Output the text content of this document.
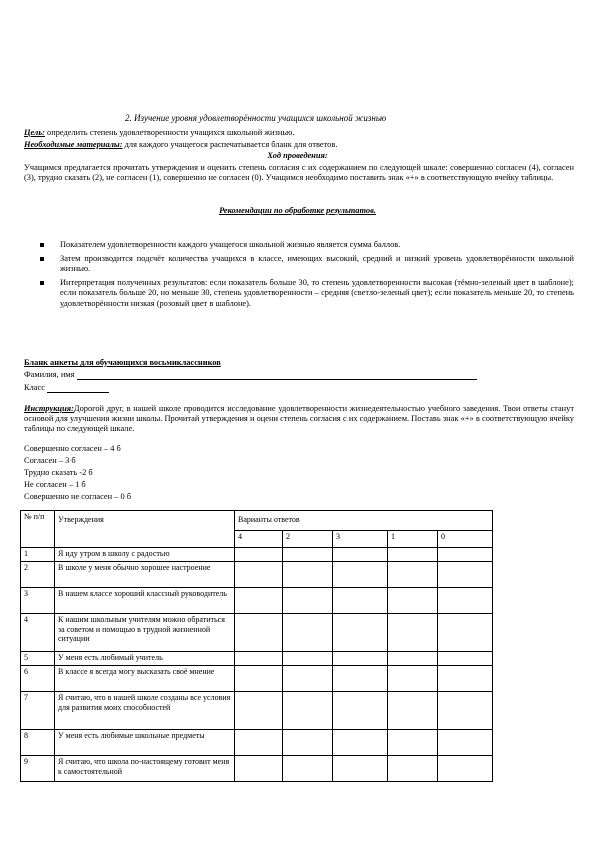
2. Изучение уровня удовлетворённости учащихся школьной жизнью
Цель: определить степень удовлетворенности учащихся школьной жизнью.
Необходимые материалы: для каждого учащегося распечатывается бланк для ответов.
Ход проведения:
Учащимся предлагается прочитать утверждения и оценить степень согласия с их содержанием по следующей шкале: совершенно согласен (4), согласен (3), трудно сказать (2), не согласен (1), совершенно не согласен (0). Учащимся необходимо поставить знак «+» в соответствующую ячейку таблицы.
Рекомендации по обработке результатов.
Показателем удовлетворенности каждого учащегося школьной жизнью является сумма баллов.
Затем производится подсчёт количества учащихся в классе, имеющих высокий, средний и низкий уровень удовлетворённости школьной жизнью.
Интерпретация полученных результатов: если показатель больше 30, то степень удовлетворенности высокая (тёмно-зеленый цвет в шаблоне); если показатель больше 20, но меньше 30, степень удовлетворенности – средняя (светло-зеленый цвет); если показатель меньше 20, то степень удовлетворённости низкая (розовый цвет в шаблоне).
Бланк анкеты для обучающихся восьмиклассников
Фамилия, имя
Класс
Инструкция:Дорогой друг, в нашей школе проводится исследование удовлетворенности жизнедеятельностью учебного заведения. Твои ответы станут основой для улучшения жизни школы. Прочитай утверждения и оцени степень согласия с их содержанием. Поставь знак «+» в соответствующую ячейку таблицы по следующей шкале.
Совершенно согласен – 4 б
Согласен – 3 б
Трудно сказать -2 б
Не согласен – 1 б
Совершенно не согласен – 0 б
№ п/п	Утверждения	Варианты ответов				
		4	2	3	1	0
1	Я иду утром в школу с радостью					
2	В школе у меня обычно хорошее настроение					
3	В нашем классе хороший классный руководитель					
4	К нашим школьным учителям можно обратиться за советом и помощью в трудной жизненной ситуации					
5	У меня есть любимый учитель					
6	В классе я всегда могу высказать своё мнение					
7	Я считаю, что в нашей школе созданы все условия для развития моих способностей					
8	У меня есть любимые школьные предметы					
9	Я считаю, что школа по-настоящему готовит меня к самостоятельной					
